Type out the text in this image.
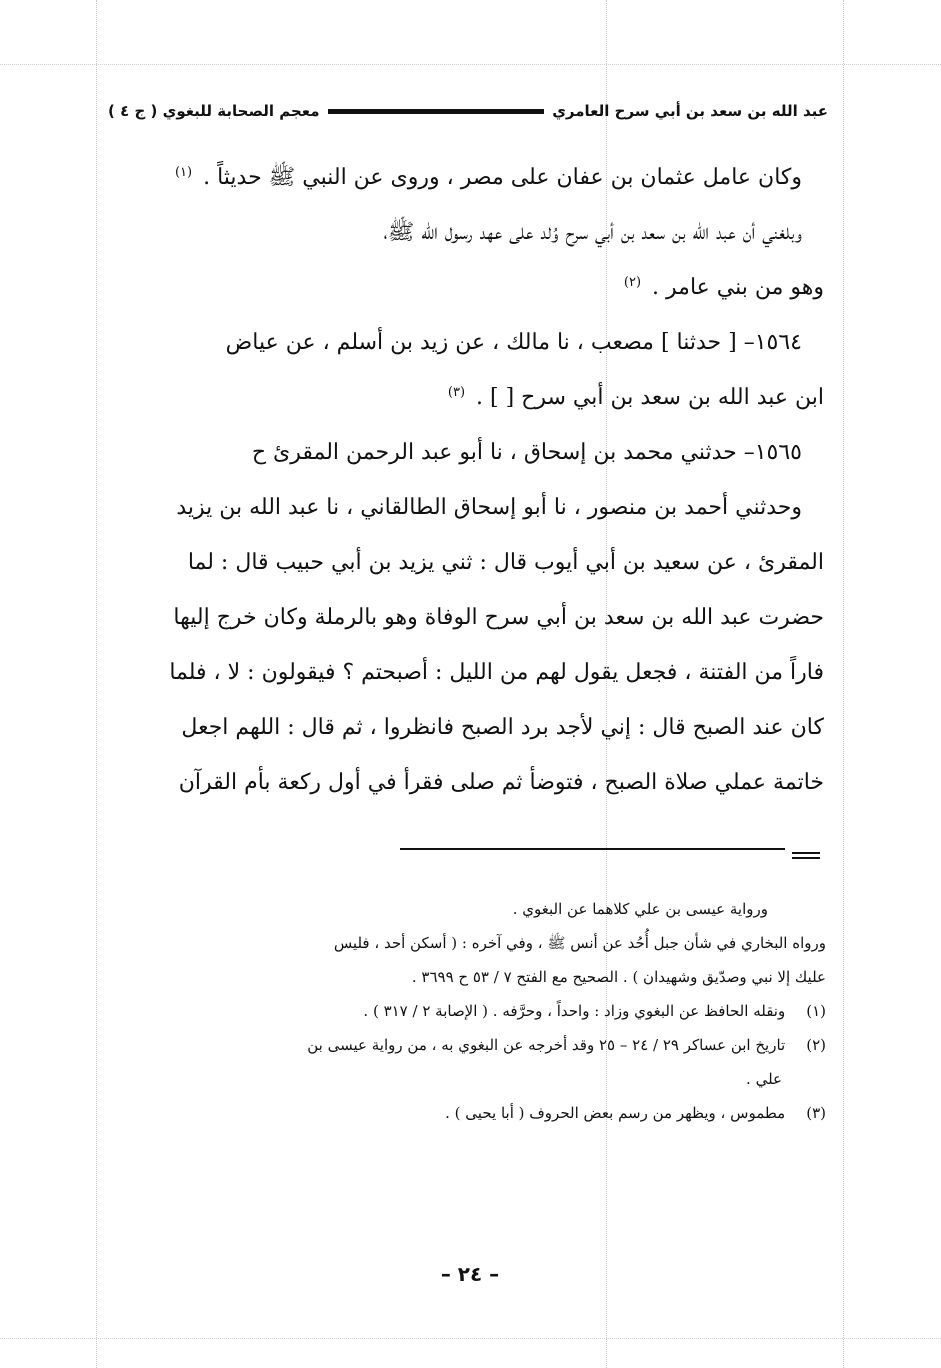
عبد الله بن سعد بن أبي سرح العامري
معجم الصحابة للبغوي ( ج ٤ )
وكان عامل عثمان بن عفان على مصر ، وروى عن النبي ﷺ حديثاً . $^{(١)}$
وبلغني أن عبد الله بن سعد بن أبي سرح وُلد على عهد رسول الله ﷺ،
وهو من بني عامر . $^{(٢)}$
١٥٦٤– [ حدثنا ] مصعب ، نا مالك ، عن زيد بن أسلم ، عن عياض
ابن عبد الله بن سعد بن أبي سرح [ ] . $^{(٣)}$
١٥٦٥– حدثني محمد بن إسحاق ، نا أبو عبد الرحمن المقرئ ح
وحدثني أحمد بن منصور ، نا أبو إسحاق الطالقاني ، نا عبد الله بن يزيد
المقرئ ، عن سعيد بن أبي أيوب قال : ثني يزيد بن أبي حبيب قال : لما
حضرت عبد الله بن سعد بن أبي سرح الوفاة وهو بالرملة وكان خرج إليها
فاراً من الفتنة ، فجعل يقول لهم من الليل : أصبحتم ؟ فيقولون : لا ، فلما
كان عند الصبح قال : إني لأجد برد الصبح فانظروا ، ثم قال : اللهم اجعل
خاتمة عملي صلاة الصبح ، فتوضأ ثم صلى فقرأ في أول ركعة بأم القرآن
ورواية عيسى بن علي كلاهما عن البغوي .
ورواه البخاري في شأن جبل أُحُد عن أنس ﷺ ، وفي آخره : ( أسكن أحد ، فليس
عليك إلا نبي وصدّيق وشهيدان ) . الصحيح مع الفتح ٧ / ٥٣ ح ٣٦٩٩ .
(١) ونقله الحافظ عن البغوي وزاد : واحداً ، وحرَّفه . ( الإصابة ٢ / ٣١٧ ) .
(٢) تاريخ ابن عساكر ٢٩ / ٢٤ – ٢٥ وقد أخرجه عن البغوي به ، من رواية عيسى بن
علي .
(٣) مطموس ، ويظهر من رسم بعض الحروف ( أبا يحيى ) .
– ٢٤ –
